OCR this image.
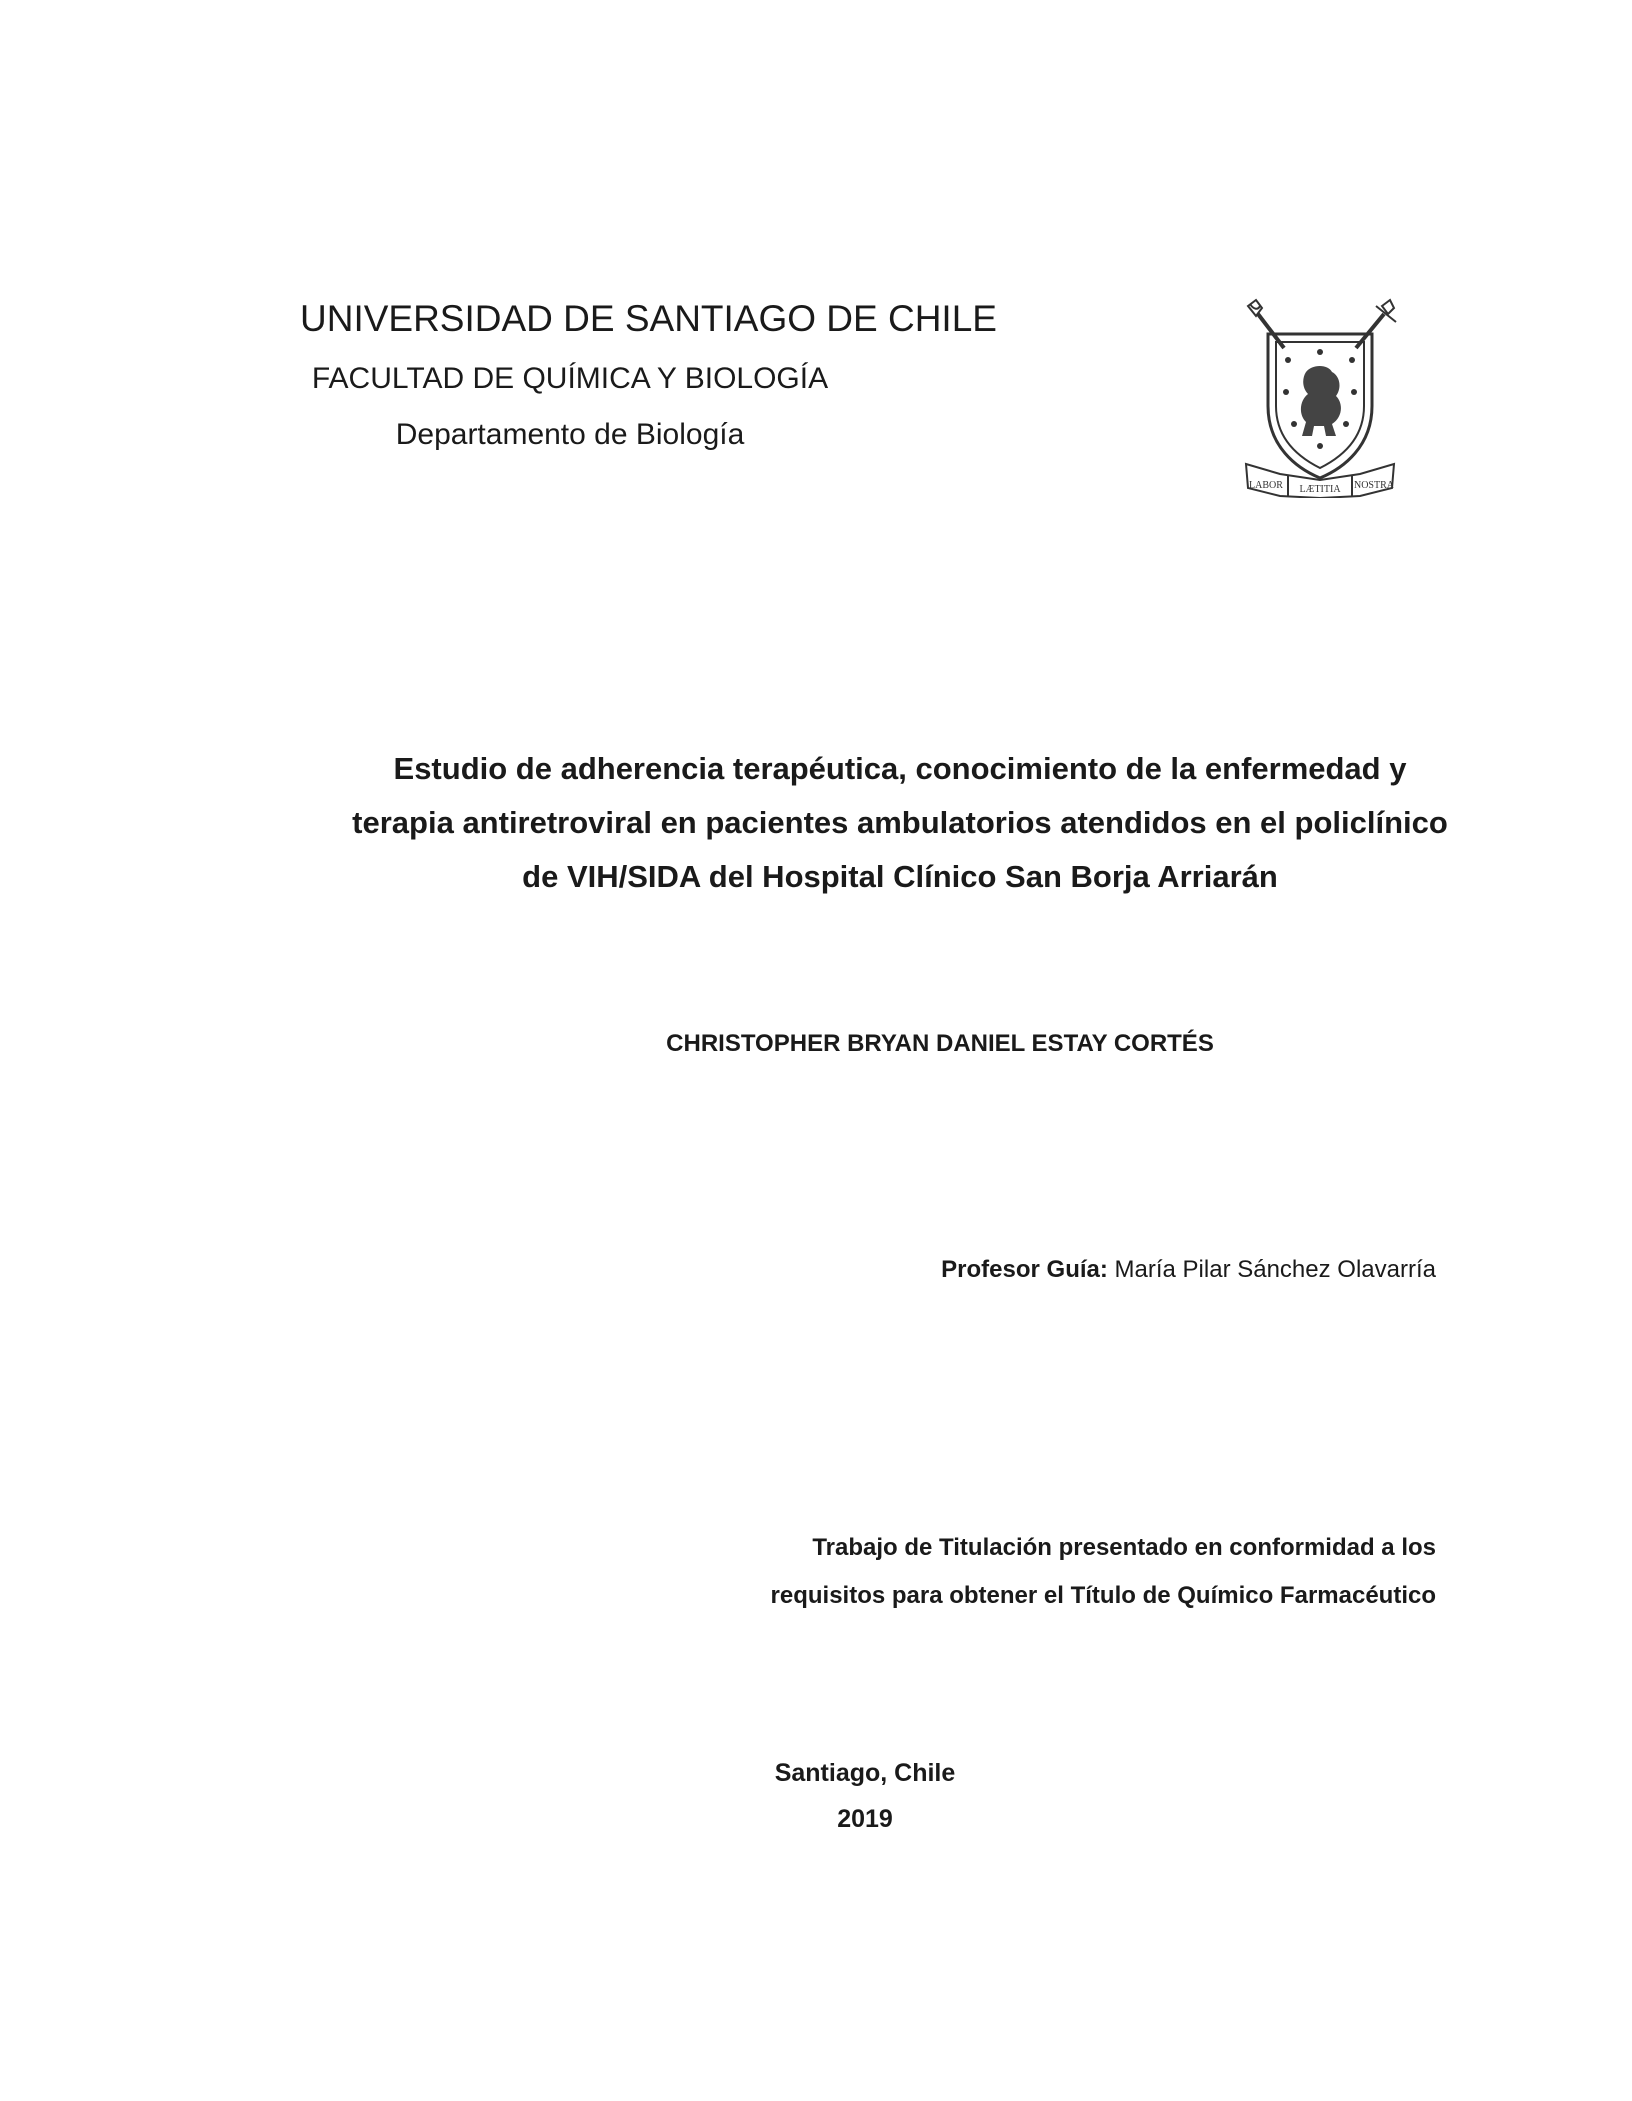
UNIVERSIDAD DE SANTIAGO DE CHILE
FACULTAD DE QUÍMICA Y BIOLOGÍA
Departamento de Biología
LABOR LÆTITIA NOSTRA
Estudio de adherencia terapéutica, conocimiento de la enfermedad y
terapia antiretroviral en pacientes ambulatorios atendidos en el policlínico
de VIH/SIDA del Hospital Clínico San Borja Arriarán
CHRISTOPHER BRYAN DANIEL ESTAY CORTÉS
Profesor Guía: María Pilar Sánchez Olavarría
Trabajo de Titulación presentado en conformidad a los
requisitos para obtener el Título de Químico Farmacéutico
Santiago, Chile
2019
